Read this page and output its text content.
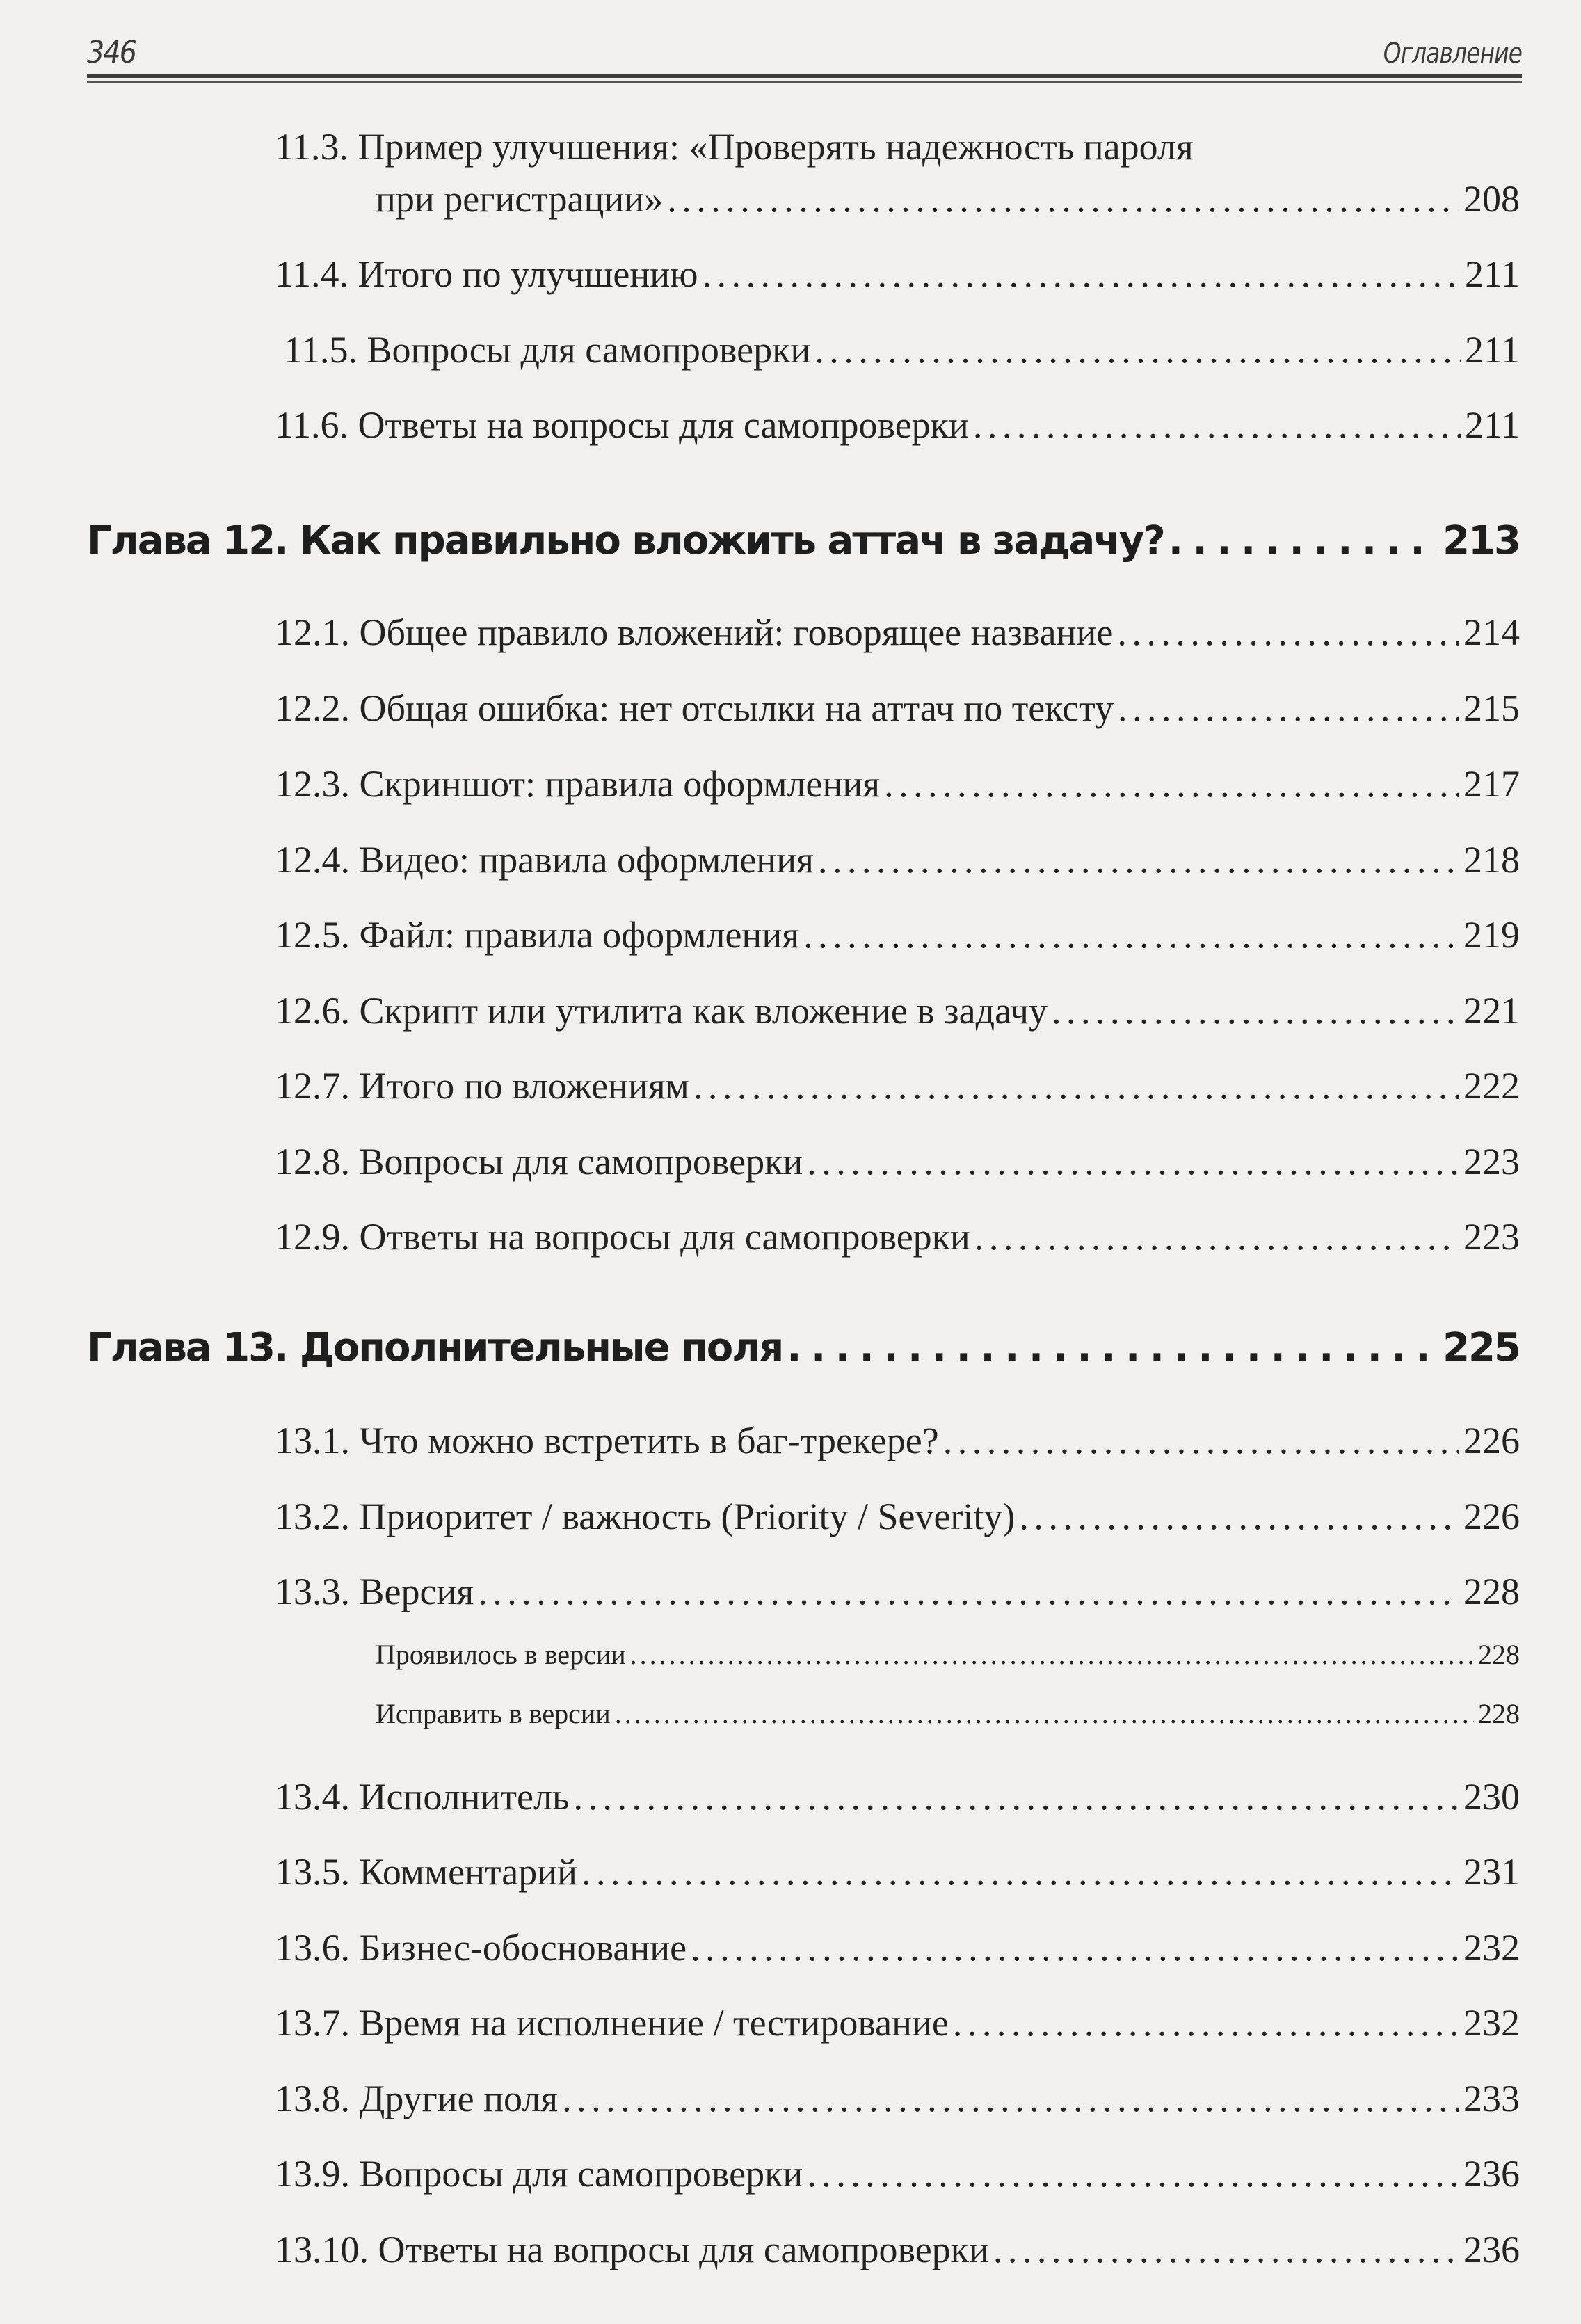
346	Оглавление
11.3. Пример улучшения: «Проверять надежность пароля
при регистрации» . . .	208
11.4. Итого по улучшению . . .	211
11.5. Вопросы для самопроверки . . .	211
11.6. Ответы на вопросы для самопроверки . . .	211
Глава 12. Как правильно вложить аттач в задачу? . . .	213
12.1. Общее правило вложений: говорящее название . . .	214
12.2. Общая ошибка: нет отсылки на аттач по тексту . . .	215
12.3. Скриншот: правила оформления . . .	217
12.4. Видео: правила оформления . . .	218
12.5. Файл: правила оформления . . .	219
12.6. Скрипт или утилита как вложение в задачу . . .	221
12.7. Итого по вложениям . . .	222
12.8. Вопросы для самопроверки . . .	223
12.9. Ответы на вопросы для самопроверки . . .	223
Глава 13. Дополнительные поля . . .	225
13.1. Что можно встретить в баг-трекере? . . .	226
13.2. Приоритет / важность (Priority / Severity) . . .	226
13.3. Версия . . .	228
Проявилось в версии . . .	228
Исправить в версии . . .	228
13.4. Исполнитель . . .	230
13.5. Комментарий . . .	231
13.6. Бизнес-обоснование . . .	232
13.7. Время на исполнение / тестирование . . .	232
13.8. Другие поля . . .	233
13.9. Вопросы для самопроверки . . .	236
13.10. Ответы на вопросы для самопроверки . . .	236
